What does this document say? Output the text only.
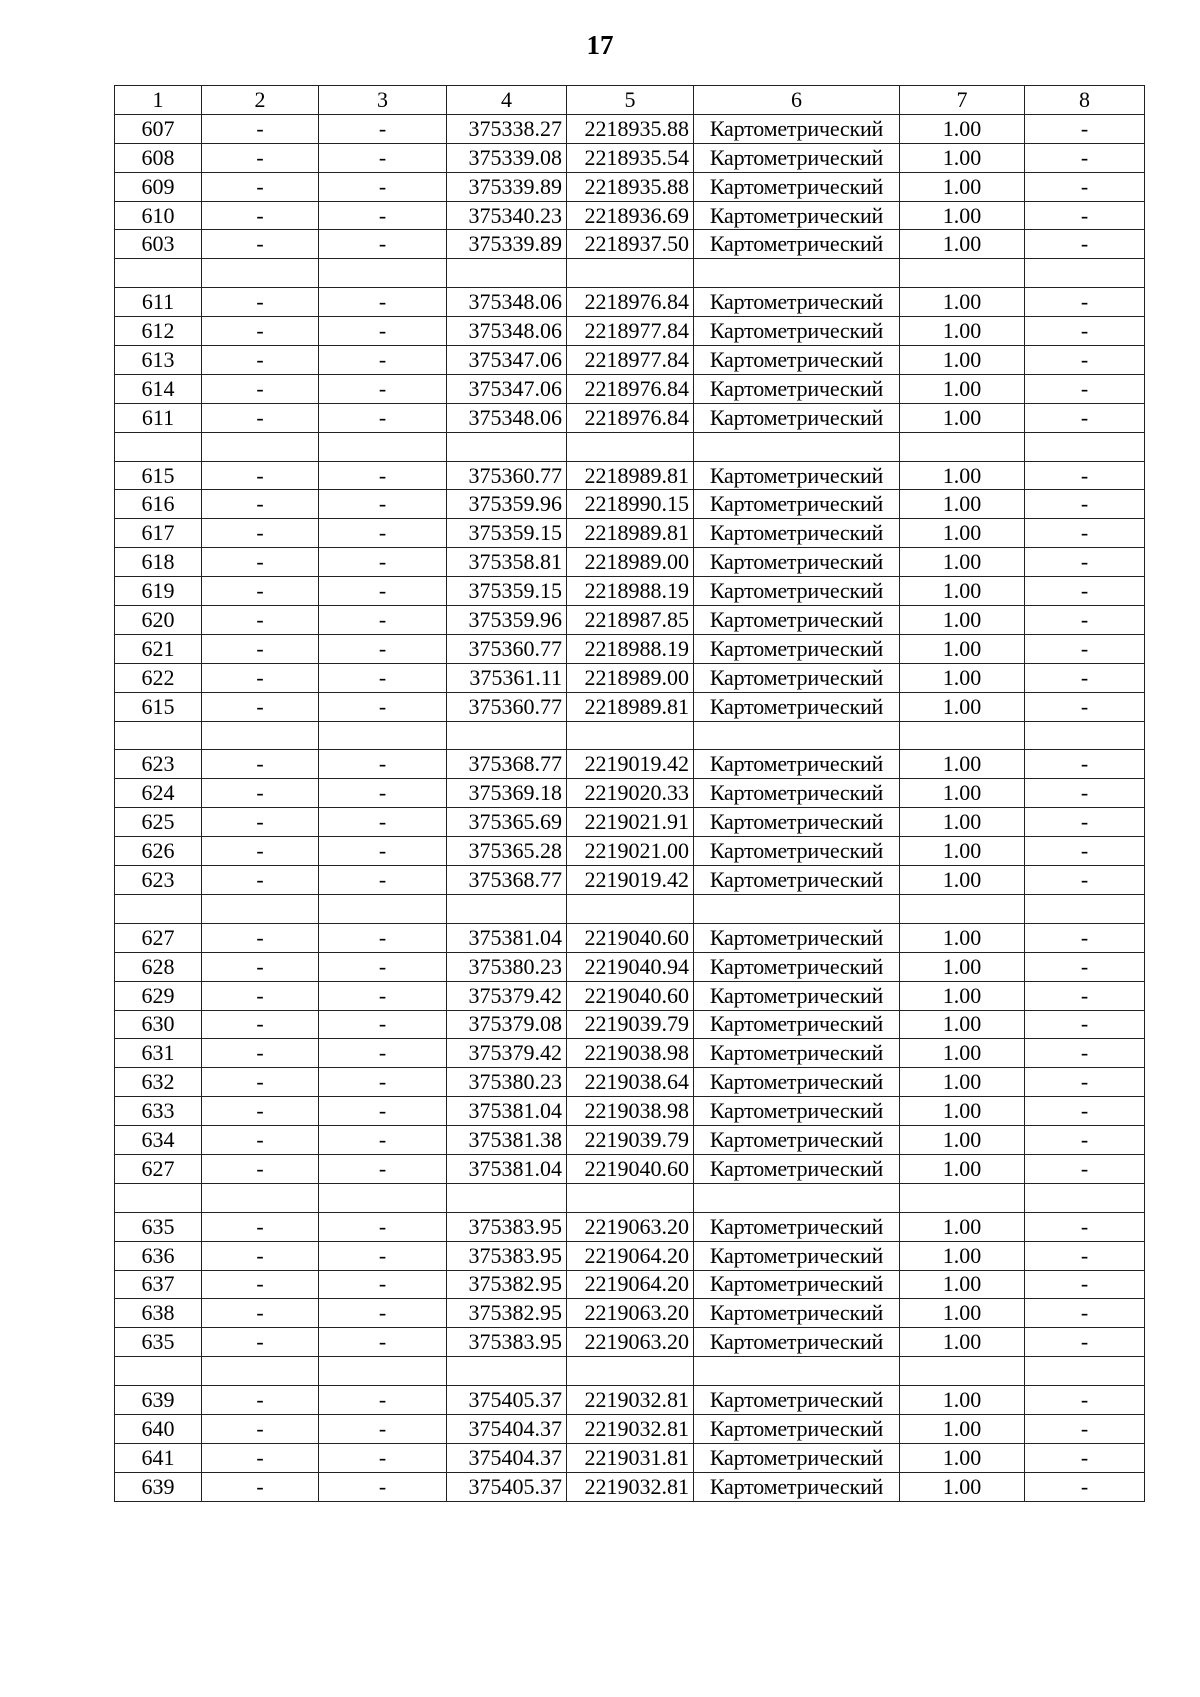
17
1	2	3	4	5	6	7	8
607	-	-	375338.27	2218935.88	Картометрический	1.00	-
608	-	-	375339.08	2218935.54	Картометрический	1.00	-
609	-	-	375339.89	2218935.88	Картометрический	1.00	-
610	-	-	375340.23	2218936.69	Картометрический	1.00	-
603	-	-	375339.89	2218937.50	Картометрический	1.00	-

611	-	-	375348.06	2218976.84	Картометрический	1.00	-
612	-	-	375348.06	2218977.84	Картометрический	1.00	-
613	-	-	375347.06	2218977.84	Картометрический	1.00	-
614	-	-	375347.06	2218976.84	Картометрический	1.00	-
611	-	-	375348.06	2218976.84	Картометрический	1.00	-

615	-	-	375360.77	2218989.81	Картометрический	1.00	-
616	-	-	375359.96	2218990.15	Картометрический	1.00	-
617	-	-	375359.15	2218989.81	Картометрический	1.00	-
618	-	-	375358.81	2218989.00	Картометрический	1.00	-
619	-	-	375359.15	2218988.19	Картометрический	1.00	-
620	-	-	375359.96	2218987.85	Картометрический	1.00	-
621	-	-	375360.77	2218988.19	Картометрический	1.00	-
622	-	-	375361.11	2218989.00	Картометрический	1.00	-
615	-	-	375360.77	2218989.81	Картометрический	1.00	-

623	-	-	375368.77	2219019.42	Картометрический	1.00	-
624	-	-	375369.18	2219020.33	Картометрический	1.00	-
625	-	-	375365.69	2219021.91	Картометрический	1.00	-
626	-	-	375365.28	2219021.00	Картометрический	1.00	-
623	-	-	375368.77	2219019.42	Картометрический	1.00	-

627	-	-	375381.04	2219040.60	Картометрический	1.00	-
628	-	-	375380.23	2219040.94	Картометрический	1.00	-
629	-	-	375379.42	2219040.60	Картометрический	1.00	-
630	-	-	375379.08	2219039.79	Картометрический	1.00	-
631	-	-	375379.42	2219038.98	Картометрический	1.00	-
632	-	-	375380.23	2219038.64	Картометрический	1.00	-
633	-	-	375381.04	2219038.98	Картометрический	1.00	-
634	-	-	375381.38	2219039.79	Картометрический	1.00	-
627	-	-	375381.04	2219040.60	Картометрический	1.00	-

635	-	-	375383.95	2219063.20	Картометрический	1.00	-
636	-	-	375383.95	2219064.20	Картометрический	1.00	-
637	-	-	375382.95	2219064.20	Картометрический	1.00	-
638	-	-	375382.95	2219063.20	Картометрический	1.00	-
635	-	-	375383.95	2219063.20	Картометрический	1.00	-

639	-	-	375405.37	2219032.81	Картометрический	1.00	-
640	-	-	375404.37	2219032.81	Картометрический	1.00	-
641	-	-	375404.37	2219031.81	Картометрический	1.00	-
639	-	-	375405.37	2219032.81	Картометрический	1.00	-
